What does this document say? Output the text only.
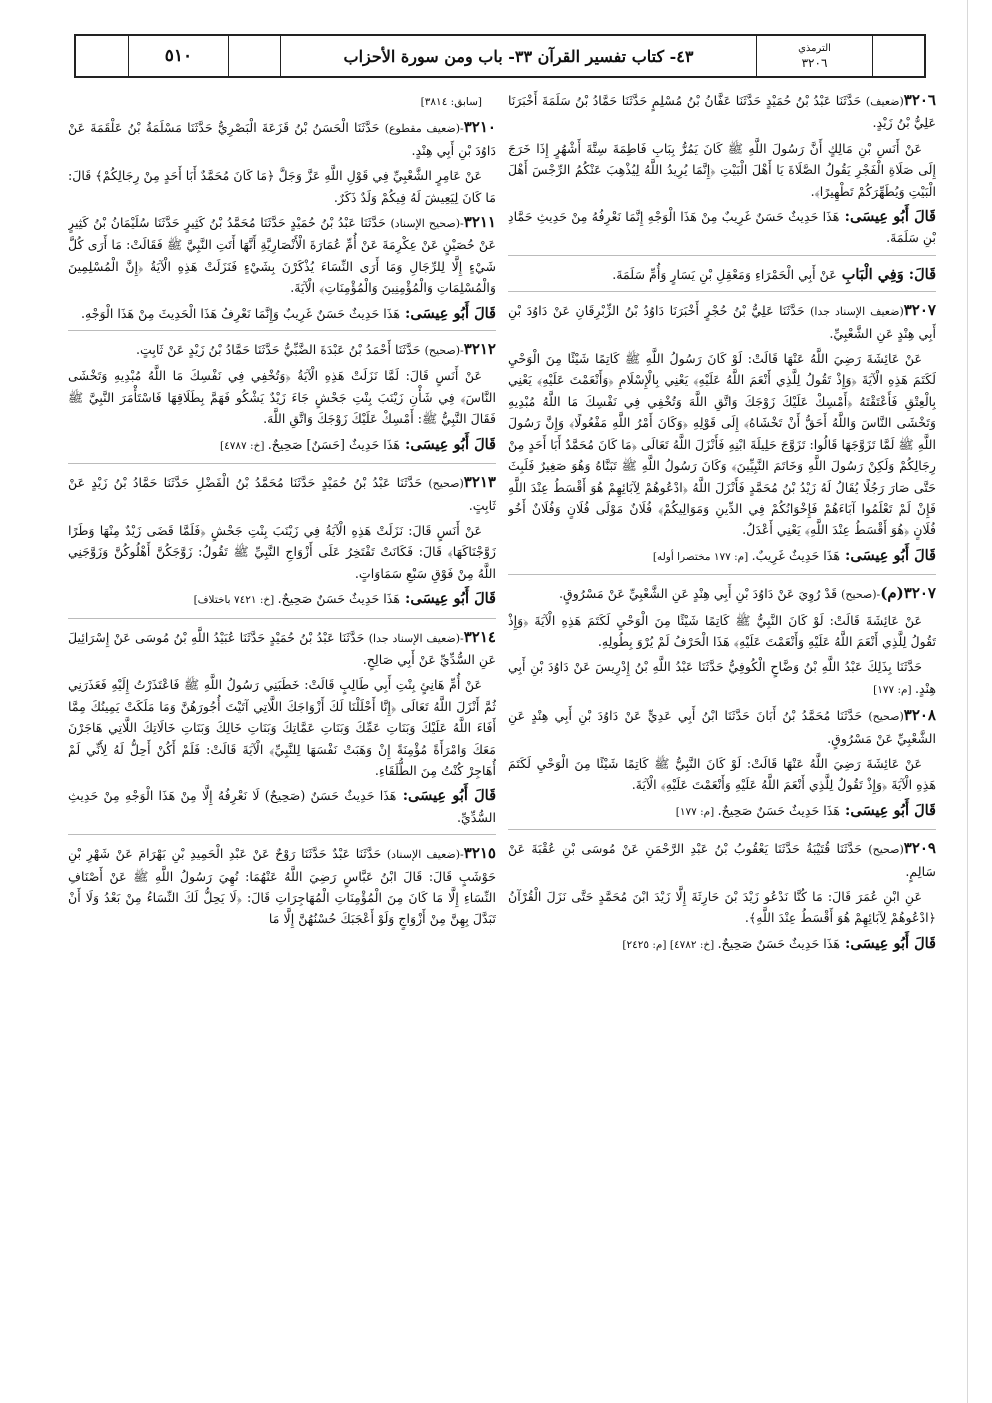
الترمذي
٣٢٠٦
٤٣- كتاب تفسير القرآن ٣٣- باب ومن سورة الأحزاب
٥١٠

٣٢٠٦(ضعيف) حَدَّثَنَا عَبْدُ بْنُ حُمَيْدٍ حَدَّثَنَا عَفَّانُ بْنُ مُسْلِمٍ حَدَّثَنَا حَمَّادُ بْنُ سَلَمَةَ أَخْبَرَنَا عَلِيُّ بْنُ زَيْدٍ.

عَنْ أَنَسِ بْنِ مَالِكٍ أَنَّ رَسُولَ اللَّهِ ﷺ كَانَ يَمُرُّ بِبَابِ فَاطِمَةَ سِتَّةَ أَشْهُرٍ إِذَا خَرَجَ إِلَى صَلَاةِ الْفَجْرِ يَقُولُ الصَّلَاةَ يَا أَهْلَ الْبَيْتِ ﴿إِنَّمَا يُرِيدُ اللَّهُ لِيُذْهِبَ عَنْكُمُ الرِّجْسَ أَهْلَ الْبَيْتِ وَيُطَهِّرَكُمْ تَطْهِيرًا﴾.

قَالَ أَبُو عِيسَى: هَذَا حَدِيثٌ حَسَنٌ غَرِيبٌ مِنْ هَذَا الْوَجْهِ إِنَّمَا نَعْرِفُهُ مِنْ حَدِيثِ حَمَّادِ بْنِ سَلَمَةَ.

قَالَ: وَفِي الْبَابِ عَنْ أَبِي الْحَمْرَاءِ وَمَعْقِلِ بْنِ يَسَارٍ وَأُمِّ سَلَمَةَ.

٣٢٠٧(ضعيف الإسناد جدا) حَدَّثَنَا عَلِيُّ بْنُ حُجْرٍ أَخْبَرَنَا دَاوُدُ بْنُ الزِّبْرِقَانِ عَنْ دَاوُدَ بْنِ أَبِي هِنْدٍ عَنِ الشَّعْبِيِّ.

عَنْ عَائِشَةَ رَضِيَ اللَّهُ عَنْهَا قَالَتْ: لَوْ كَانَ رَسُولُ اللَّهِ ﷺ كَاتِمًا شَيْئًا مِنَ الْوَحْيِ لَكَتَمَ هَذِهِ الْآيَةَ ﴿وَإِذْ تَقُولُ لِلَّذِي أَنْعَمَ اللَّهُ عَلَيْهِ﴾ يَعْنِي بِالْإِسْلَامِ ﴿وَأَنْعَمْتَ عَلَيْهِ﴾ يَعْنِي بِالْعِتْقِ فَأَعْتَقْتَهُ ﴿أَمْسِكْ عَلَيْكَ زَوْجَكَ وَاتَّقِ اللَّهَ وَتُخْفِي فِي نَفْسِكَ مَا اللَّهُ مُبْدِيهِ وَتَخْشَى النَّاسَ وَاللَّهُ أَحَقُّ أَنْ تَخْشَاهُ﴾ إِلَى قَوْلِهِ ﴿وَكَانَ أَمْرُ اللَّهِ مَفْعُولًا﴾ وَإِنَّ رَسُولَ اللَّهِ ﷺ لَمَّا تَزَوَّجَهَا قَالُوا: تَزَوَّجَ حَلِيلَةَ ابْنِهِ فَأَنْزَلَ اللَّهُ تَعَالَى ﴿مَا كَانَ مُحَمَّدٌ أَبَا أَحَدٍ مِنْ رِجَالِكُمْ وَلَكِنْ رَسُولَ اللَّهِ وَخَاتَمَ النَّبِيِّينَ﴾ وَكَانَ رَسُولُ اللَّهِ ﷺ تَبَنَّاهُ وَهُوَ صَغِيرٌ فَلَبِثَ حَتَّى صَارَ رَجُلًا يُقَالُ لَهُ زَيْدُ بْنُ مُحَمَّدٍ فَأَنْزَلَ اللَّهُ ﴿ادْعُوهُمْ لِآبَائِهِمْ هُوَ أَقْسَطُ عِنْدَ اللَّهِ فَإِنْ لَمْ تَعْلَمُوا آبَاءَهُمْ فَإِخْوَانُكُمْ فِي الدِّينِ وَمَوَالِيكُمْ﴾ فُلَانٌ مَوْلَى فُلَانٍ وَفُلَانٌ أَخُو فُلَانٍ ﴿هُوَ أَقْسَطُ عِنْدَ اللَّهِ﴾ يَعْنِي أَعْدَلُ.

قَالَ أَبُو عِيسَى: هَذَا حَدِيثٌ غَرِيبٌ. [م: ١٧٧ مختصرا أوله]

٣٢٠٧(م)-(صحيح) قَدْ رُوِيَ عَنْ دَاوُدَ بْنِ أَبِي هِنْدٍ عَنِ الشَّعْبِيِّ عَنْ مَسْرُوقٍ.

عَنْ عَائِشَةَ قَالَتْ: لَوْ كَانَ النَّبِيُّ ﷺ كَاتِمًا شَيْئًا مِنَ الْوَحْيِ لَكَتَمَ هَذِهِ الْآيَةَ ﴿وَإِذْ تَقُولُ لِلَّذِي أَنْعَمَ اللَّهُ عَلَيْهِ وَأَنْعَمْتَ عَلَيْهِ﴾ هَذَا الْحَرْفُ لَمْ يُرْوَ بِطُولِهِ.

حَدَّثَنَا بِذَلِكَ عَبْدُ اللَّهِ بْنُ وَضَّاحٍ الْكُوفِيُّ حَدَّثَنَا عَبْدُ اللَّهِ بْنُ إِدْرِيسَ عَنْ دَاوُدَ بْنِ أَبِي هِنْدٍ. [م: ١٧٧]

٣٢٠٨(صحيح) حَدَّثَنَا مُحَمَّدُ بْنُ أَبَانَ حَدَّثَنَا ابْنُ أَبِي عَدِيٍّ عَنْ دَاوُدَ بْنِ أَبِي هِنْدٍ عَنِ الشَّعْبِيِّ عَنْ مَسْرُوقٍ.

عَنْ عَائِشَةَ رَضِيَ اللَّهُ عَنْهَا قَالَتْ: لَوْ كَانَ النَّبِيُّ ﷺ كَاتِمًا شَيْئًا مِنَ الْوَحْيِ لَكَتَمَ هَذِهِ الْآيَةَ ﴿وَإِذْ تَقُولُ لِلَّذِي أَنْعَمَ اللَّهُ عَلَيْهِ وَأَنْعَمْتَ عَلَيْهِ﴾ الْآيَةَ.

قَالَ أَبُو عِيسَى: هَذَا حَدِيثٌ حَسَنٌ صَحِيحٌ. [م: ١٧٧]

٣٢٠٩(صحيح) حَدَّثَنَا قُتَيْبَةُ حَدَّثَنَا يَعْقُوبُ بْنُ عَبْدِ الرَّحْمَنِ عَنْ مُوسَى بْنِ عُقْبَةَ عَنْ سَالِمٍ.

عَنِ ابْنِ عُمَرَ قَالَ: مَا كُنَّا نَدْعُو زَيْدَ بْنَ حَارِثَةَ إِلَّا زَيْدَ ابْنَ مُحَمَّدٍ حَتَّى نَزَلَ الْقُرْآنُ ﴿ادْعُوهُمْ لِآبَائِهِمْ هُوَ أَقْسَطُ عِنْدَ اللَّهِ﴾.

قَالَ أَبُو عِيسَى: هَذَا حَدِيثٌ حَسَنٌ صَحِيحٌ. [خ: ٤٧٨٢] [م: ٢٤٢٥]

[سابق: ٣٨١٤]

٣٢١٠-(ضعيف مقطوع) حَدَّثَنَا الْحَسَنُ بْنُ قَزَعَةَ الْبَصْرِيُّ حَدَّثَنَا مَسْلَمَةُ بْنُ عَلْقَمَةَ عَنْ دَاوُدَ بْنِ أَبِي هِنْدٍ.

عَنْ عَامِرٍ الشَّعْبِيِّ فِي قَوْلِ اللَّهِ عَزَّ وَجَلَّ ﴿مَا كَانَ مُحَمَّدٌ أَبَا أَحَدٍ مِنْ رِجَالِكُمْ﴾ قَالَ: مَا كَانَ لِيَعِيشَ لَهُ فِيكُمْ وَلَدٌ ذَكَرٌ.

٣٢١١-(صحيح الإسناد) حَدَّثَنَا عَبْدُ بْنُ حُمَيْدٍ حَدَّثَنَا مُحَمَّدُ بْنُ كَثِيرٍ حَدَّثَنَا سُلَيْمَانُ بْنُ كَثِيرٍ عَنْ حُصَيْنٍ عَنْ عِكْرِمَةَ عَنْ أُمِّ عُمَارَةَ الْأَنْصَارِيَّةِ أَنَّهَا أَتَتِ النَّبِيَّ ﷺ فَقَالَتْ: مَا أَرَى كُلَّ شَيْءٍ إِلَّا لِلرِّجَالِ وَمَا أَرَى النِّسَاءَ يُذْكَرْنَ بِشَيْءٍ فَنَزَلَتْ هَذِهِ الْآيَةُ ﴿إِنَّ الْمُسْلِمِينَ وَالْمُسْلِمَاتِ وَالْمُؤْمِنِينَ وَالْمُؤْمِنَاتِ﴾ الْآيَةَ.

قَالَ أَبُو عِيسَى: هَذَا حَدِيثٌ حَسَنٌ غَرِيبٌ وَإِنَّمَا نَعْرِفُ هَذَا الْحَدِيثَ مِنْ هَذَا الْوَجْهِ.

٣٢١٢-(صحيح) حَدَّثَنَا أَحْمَدُ بْنُ عَبْدَةَ الضَّبِّيُّ حَدَّثَنَا حَمَّادُ بْنُ زَيْدٍ عَنْ ثَابِتٍ.

عَنْ أَنَسٍ قَالَ: لَمَّا نَزَلَتْ هَذِهِ الْآيَةُ ﴿وَتُخْفِي فِي نَفْسِكَ مَا اللَّهُ مُبْدِيهِ وَتَخْشَى النَّاسَ﴾ فِي شَأْنِ زَيْنَبَ بِنْتِ جَحْشٍ جَاءَ زَيْدٌ يَشْكُو فَهَمَّ بِطَلَاقِهَا فَاسْتَأْمَرَ النَّبِيَّ ﷺ فَقَالَ النَّبِيُّ ﷺ: أَمْسِكْ عَلَيْكَ زَوْجَكَ وَاتَّقِ اللَّهَ.

قَالَ أَبُو عِيسَى: هَذَا حَدِيثٌ [حَسَنٌ] صَحِيحٌ. [خ: ٤٧٨٧]

٣٢١٣(صحيح) حَدَّثَنَا عَبْدُ بْنُ حُمَيْدٍ حَدَّثَنَا مُحَمَّدُ بْنُ الْفَضْلِ حَدَّثَنَا حَمَّادُ بْنُ زَيْدٍ عَنْ ثَابِتٍ.

عَنْ أَنَسٍ قَالَ: نَزَلَتْ هَذِهِ الْآيَةُ فِي زَيْنَبَ بِنْتِ جَحْشٍ ﴿فَلَمَّا قَضَى زَيْدٌ مِنْهَا وَطَرًا زَوَّجْنَاكَهَا﴾ قَالَ: فَكَانَتْ تَفْتَخِرُ عَلَى أَزْوَاجِ النَّبِيِّ ﷺ تَقُولُ: زَوَّجَكُنَّ أَهْلُوكُنَّ وَزَوَّجَنِي اللَّهُ مِنْ فَوْقِ سَبْعِ سَمَاوَاتٍ.

قَالَ أَبُو عِيسَى: هَذَا حَدِيثٌ حَسَنٌ صَحِيحٌ. [خ: ٧٤٢١ باختلاف]

٣٢١٤-(ضعيف الإسناد جدا) حَدَّثَنَا عَبْدُ بْنُ حُمَيْدٍ حَدَّثَنَا عُبَيْدُ اللَّهِ بْنُ مُوسَى عَنْ إِسْرَائِيلَ عَنِ السُّدِّيِّ عَنْ أَبِي صَالِحٍ.

عَنْ أُمِّ هَانِئٍ بِنْتِ أَبِي طَالِبٍ قَالَتْ: خَطَبَنِي رَسُولُ اللَّهِ ﷺ فَاعْتَذَرْتُ إِلَيْهِ فَعَذَرَنِي ثُمَّ أَنْزَلَ اللَّهُ تَعَالَى ﴿إِنَّا أَحْلَلْنَا لَكَ أَزْوَاجَكَ اللَّاتِي آتَيْتَ أُجُورَهُنَّ وَمَا مَلَكَتْ يَمِينُكَ مِمَّا أَفَاءَ اللَّهُ عَلَيْكَ وَبَنَاتِ عَمِّكَ وَبَنَاتِ عَمَّاتِكَ وَبَنَاتِ خَالِكَ وَبَنَاتِ خَالَاتِكَ اللَّاتِي هَاجَرْنَ مَعَكَ وَامْرَأَةً مُؤْمِنَةً إِنْ وَهَبَتْ نَفْسَهَا لِلنَّبِيِّ﴾ الْآيَةَ قَالَتْ: فَلَمْ أَكُنْ أَحِلُّ لَهُ لِأَنِّي لَمْ أُهَاجِرْ كُنْتُ مِنَ الطُّلَقَاءِ.

قَالَ أَبُو عِيسَى: هَذَا حَدِيثٌ حَسَنٌ (صَحِيحٌ) لَا نَعْرِفُهُ إِلَّا مِنْ هَذَا الْوَجْهِ مِنْ حَدِيثِ السُّدِّيِّ.

٣٢١٥-(ضعيف الإسناد) حَدَّثَنَا عَبْدٌ حَدَّثَنَا رَوْحٌ عَنْ عَبْدِ الْحَمِيدِ بْنِ بَهْرَامَ عَنْ شَهْرِ بْنِ حَوْشَبٍ قَالَ: قَالَ ابْنُ عَبَّاسٍ رَضِيَ اللَّهُ عَنْهُمَا: نُهِيَ رَسُولُ اللَّهِ ﷺ عَنْ أَصْنَافِ النِّسَاءِ إِلَّا مَا كَانَ مِنَ الْمُؤْمِنَاتِ الْمُهَاجِرَاتِ قَالَ: ﴿لَا يَحِلُّ لَكَ النِّسَاءُ مِنْ بَعْدُ وَلَا أَنْ تَبَدَّلَ بِهِنَّ مِنْ أَزْوَاجٍ وَلَوْ أَعْجَبَكَ حُسْنُهُنَّ إِلَّا مَا
